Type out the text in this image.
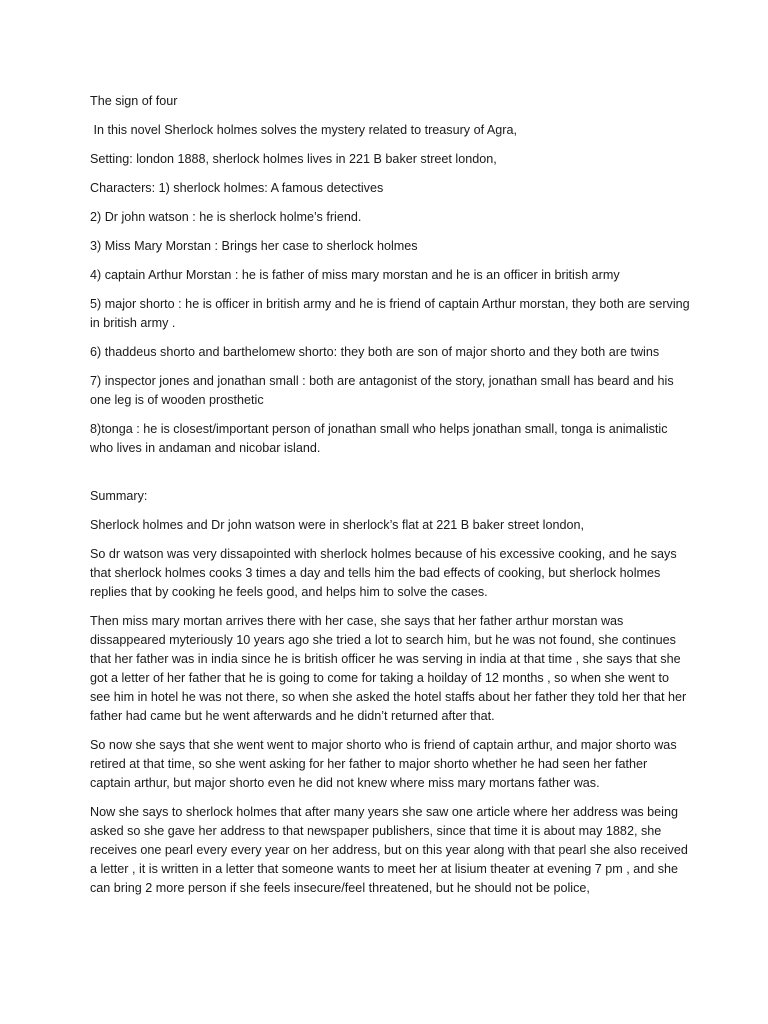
The sign of four

In this novel Sherlock holmes solves the mystery related to treasury of Agra,

Setting: london 1888, sherlock holmes lives in 221 B baker street london,

Characters: 1) sherlock holmes: A famous detectives

2) Dr john watson : he is sherlock holme’s friend.

3) Miss Mary Morstan : Brings her case to sherlock holmes

4) captain Arthur Morstan : he is father of miss mary morstan and he is an officer in british army

5) major shorto : he is officer in british army and he is friend of captain Arthur morstan, they both are serving in british army .

6) thaddeus shorto and barthelomew shorto: they both are son of major shorto and they both are twins

7) inspector jones and jonathan small : both are antagonist of the story, jonathan small has beard and his one leg is of wooden prosthetic

8)tonga : he is closest/important person of jonathan small who helps jonathan small, tonga is animalistic who lives in andaman and nicobar island.

Summary:

Sherlock holmes and Dr john watson were in sherlock’s flat at 221 B baker street london,

So dr watson was very dissapointed with sherlock holmes because of his excessive cooking, and he says that sherlock holmes cooks 3 times a day and tells him the bad effects of cooking, but sherlock holmes replies that by cooking he feels good, and helps him to solve the cases.

Then miss mary mortan arrives there with her case, she says that her father arthur morstan was dissappeared myteriously 10 years ago she tried a lot to search him, but he was not found, she continues that her father was in india since he is british officer he was serving in india at that time , she says that she got a letter of her father that he is going to come for taking a hoilday of 12 months , so when she went to see him in hotel he was not there, so when she asked the hotel staffs about her father they told her that her father had came but he went afterwards and he didn’t returned after that.

So now she says that she went went to major shorto who is friend of captain arthur, and major shorto was retired at that time, so she went asking for her father to major shorto whether he had seen her father captain arthur, but major shorto even he did not knew where miss mary mortans father was.

Now she says to sherlock holmes that after many years she saw one article where her address was being asked so she gave her address to that newspaper publishers, since that time it is about may 1882, she receives one pearl every every year on her address, but on this year along with that pearl she also received a letter , it is written in a letter that someone wants to meet her at lisium theater at evening 7 pm , and she can bring 2 more person if she feels insecure/feel threatened, but he should not be police,
